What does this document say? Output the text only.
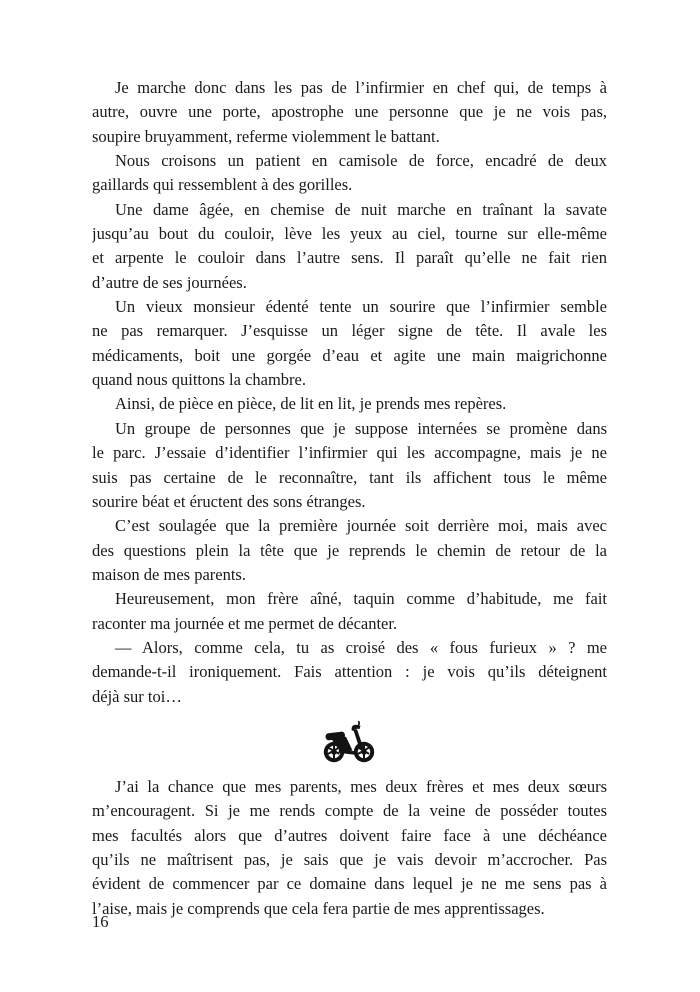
Je marche donc dans les pas de l’infirmier en chef qui, de temps à
autre, ouvre une porte, apostrophe une personne que je ne vois pas,
soupire bruyamment, referme violemment le battant.

Nous croisons un patient en camisole de force, encadré de deux
gaillards qui ressemblent à des gorilles.

Une dame âgée, en chemise de nuit marche en traînant la savate
jusqu’au bout du couloir, lève les yeux au ciel, tourne sur elle-même
et arpente le couloir dans l’autre sens. Il paraît qu’elle ne fait rien
d’autre de ses journées.

Un vieux monsieur édenté tente un sourire que l’infirmier semble
ne pas remarquer. J’esquisse un léger signe de tête. Il avale les
médicaments, boit une gorgée d’eau et agite une main maigrichonne
quand nous quittons la chambre.

Ainsi, de pièce en pièce, de lit en lit, je prends mes repères.

Un groupe de personnes que je suppose internées se promène dans
le parc. J’essaie d’identifier l’infirmier qui les accompagne, mais je ne
suis pas certaine de le reconnaître, tant ils affichent tous le même
sourire béat et éructent des sons étranges.

C’est soulagée que la première journée soit derrière moi, mais avec
des questions plein la tête que je reprends le chemin de retour de la
maison de mes parents.

Heureusement, mon frère aîné, taquin comme d’habitude, me fait
raconter ma journée et me permet de décanter.

— Alors, comme cela, tu as croisé des « fous furieux » ? me
demande-t-il ironiquement. Fais attention : je vois qu’ils déteignent
déjà sur toi…

J’ai la chance que mes parents, mes deux frères et mes deux sœurs
m’encouragent. Si je me rends compte de la veine de posséder toutes
mes facultés alors que d’autres doivent faire face à une déchéance
qu’ils ne maîtrisent pas, je sais que je vais devoir m’accrocher. Pas
évident de commencer par ce domaine dans lequel je ne me sens pas à
l’aise, mais je comprends que cela fera partie de mes apprentissages.

16
